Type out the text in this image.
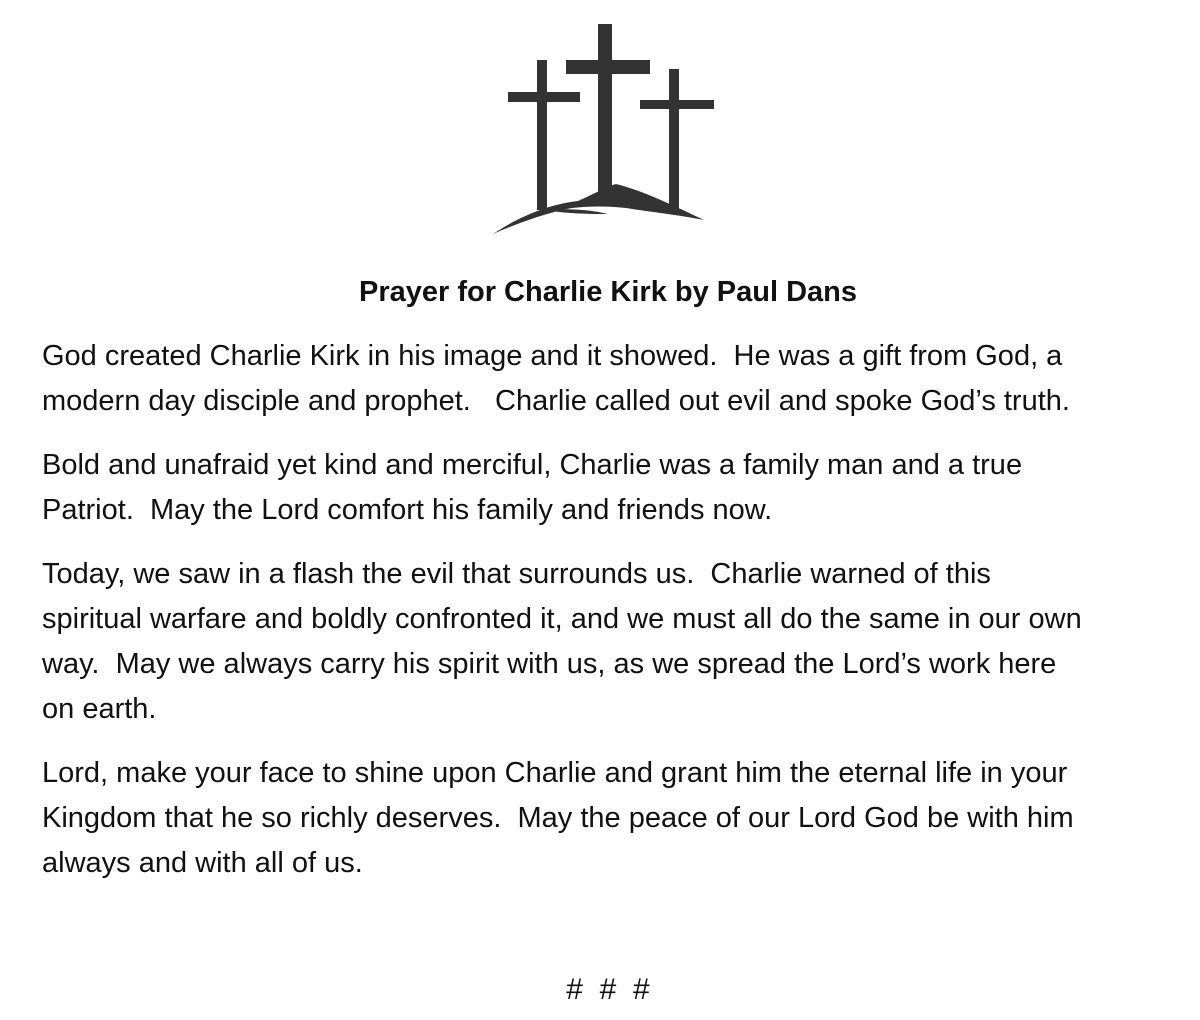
Prayer for Charlie Kirk by Paul Dans

God created Charlie Kirk in his image and it showed.  He was a gift from God, a
modern day disciple and prophet.   Charlie called out evil and spoke God’s truth.

Bold and unafraid yet kind and merciful, Charlie was a family man and a true
Patriot.  May the Lord comfort his family and friends now.

Today, we saw in a flash the evil that surrounds us.  Charlie warned of this
spiritual warfare and boldly confronted it, and we must all do the same in our own
way.  May we always carry his spirit with us, as we spread the Lord’s work here
on earth.

Lord, make your face to shine upon Charlie and grant him the eternal life in your
Kingdom that he so richly deserves.  May the peace of our Lord God be with him
always and with all of us.

#  #  #
